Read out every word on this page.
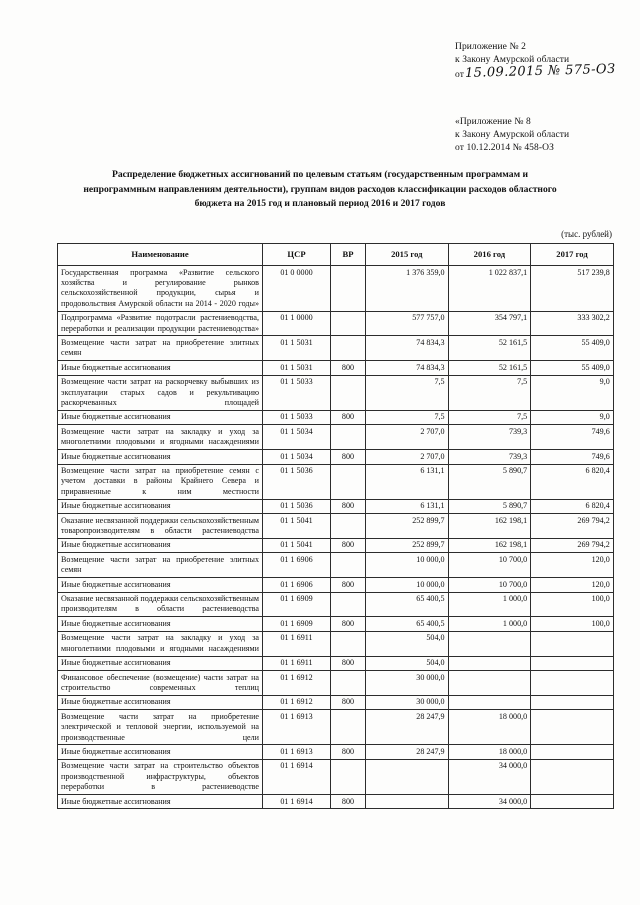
Приложение № 2
к Закону Амурской области
от 15.09.2015 № 575-ОЗ
«Приложение № 8
к Закону Амурской области
от 10.12.2014 № 458-ОЗ
Распределение бюджетных ассигнований по целевым статьям (государственным программам и
непрограммным направлениям деятельности), группам видов расходов классификации расходов областного
бюджета на 2015 год и плановый период 2016 и 2017 годов
(тыс. рублей)
Наименование	ЦСР	ВР	2015 год	2016 год	2017 год
Государственная программа «Развитие сельского хозяйства и регулирование рынков сельскохозяйственной продукции, сырья и продовольствия Амурской области на 2014 - 2020 годы»	01 0 0000		1 376 359,0	1 022 837,1	517 239,8
Подпрограмма «Развитие подотрасли растениеводства, переработки и реализации продукции растениеводства»	01 1 0000		577 757,0	354 797,1	333 302,2
Возмещение части затрат на приобретение элитных семян	01 1 5031		74 834,3	52 161,5	55 409,0
Иные бюджетные ассигнования	01 1 5031	800	74 834,3	52 161,5	55 409,0
Возмещение части затрат на раскорчевку выбывших из эксплуатации старых садов и рекультивацию раскорчеванных площадей	01 1 5033		7,5	7,5	9,0
Иные бюджетные ассигнования	01 1 5033	800	7,5	7,5	9,0
Возмещение части затрат на закладку и уход за многолетними плодовыми и ягодными насаждениями	01 1 5034		2 707,0	739,3	749,6
Иные бюджетные ассигнования	01 1 5034	800	2 707,0	739,3	749,6
Возмещение части затрат на приобретение семян с учетом доставки в районы Крайнего Севера и приравненные к ним местности	01 1 5036		6 131,1	5 890,7	6 820,4
Иные бюджетные ассигнования	01 1 5036	800	6 131,1	5 890,7	6 820,4
Оказание несвязанной поддержки сельскохозяйственным товаропроизводителям в области растениеводства	01 1 5041		252 899,7	162 198,1	269 794,2
Иные бюджетные ассигнования	01 1 5041	800	252 899,7	162 198,1	269 794,2
Возмещение части затрат на приобретение элитных семян	01 1 6906		10 000,0	10 700,0	120,0
Иные бюджетные ассигнования	01 1 6906	800	10 000,0	10 700,0	120,0
Оказание несвязанной поддержки сельскохозяйственным производителям в области растениеводства	01 1 6909		65 400,5	1 000,0	100,0
Иные бюджетные ассигнования	01 1 6909	800	65 400,5	1 000,0	100,0
Возмещение части затрат на закладку и уход за многолетними плодовыми и ягодными насаждениями	01 1 6911		504,0		
Иные бюджетные ассигнования	01 1 6911	800	504,0		
Финансовое обеспечение (возмещение) части затрат на строительство современных теплиц	01 1 6912		30 000,0		
Иные бюджетные ассигнования	01 1 6912	800	30 000,0		
Возмещение части затрат на приобретение электрической и тепловой энергии, используемой на производственные цели	01 1 6913		28 247,9	18 000,0	
Иные бюджетные ассигнования	01 1 6913	800	28 247,9	18 000,0	
Возмещение части затрат на строительство объектов производственной инфраструктуры, объектов переработки в растениеводстве	01 1 6914			34 000,0	
Иные бюджетные ассигнования	01 1 6914	800		34 000,0	
